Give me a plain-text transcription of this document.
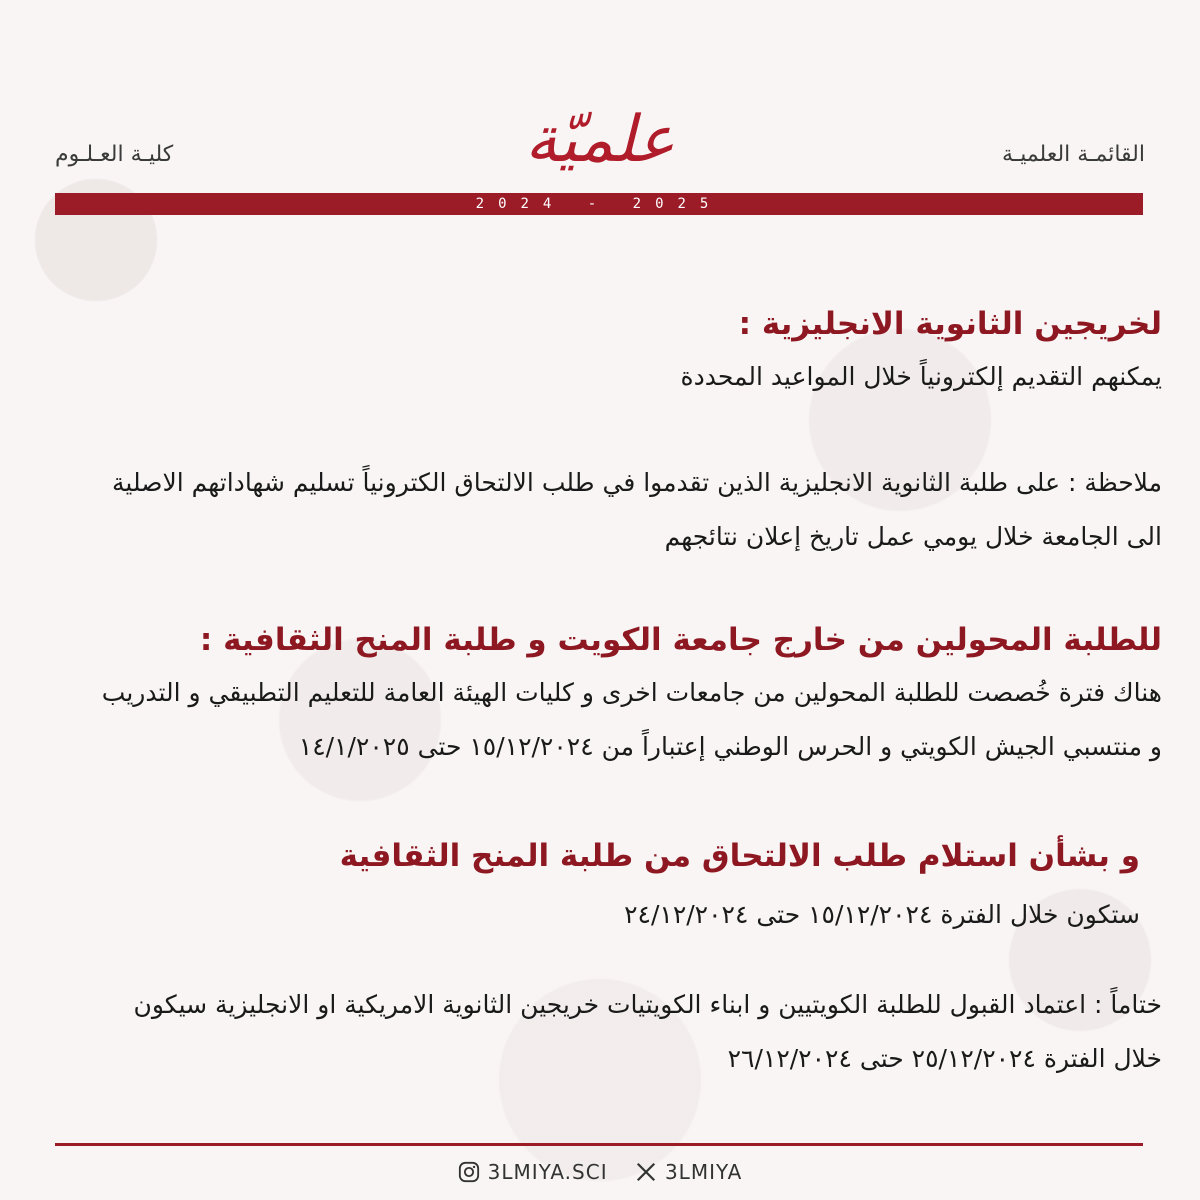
علميّة	القائمـة العلميـة
كليـة العـلـوم
2024 - 2025
لخريجين الثانوية الانجليزية :
يمكنهم التقديم إلكترونياً خلال المواعيد المحددة
ملاحظة : على طلبة الثانوية الانجليزية الذين تقدموا في طلب الالتحاق الكترونياً تسليم شهاداتهم الاصلية
الى الجامعة خلال يومي عمل تاريخ إعلان نتائجهم
للطلبة المحولين من خارج جامعة الكويت و طلبة المنح الثقافية :
هناك فترة خُصصت للطلبة المحولين من جامعات اخرى و كليات الهيئة العامة للتعليم التطبيقي و التدريب
و منتسبي الجيش الكويتي و الحرس الوطني إعتباراً من ١٥/١٢/٢٠٢٤ حتى ١٤/١/٢٠٢٥
و بشأن استلام طلب الالتحاق من طلبة المنح الثقافية
ستكون خلال الفترة ١٥/١٢/٢٠٢٤ حتى ٢٤/١٢/٢٠٢٤
ختاماً : اعتماد القبول للطلبة الكويتيين و ابناء الكويتيات خريجين الثانوية الامريكية او الانجليزية سيكون
خلال الفترة ٢٥/١٢/٢٠٢٤ حتى ٢٦/١٢/٢٠٢٤
3LMIYA.SCI
	3LMIYA
